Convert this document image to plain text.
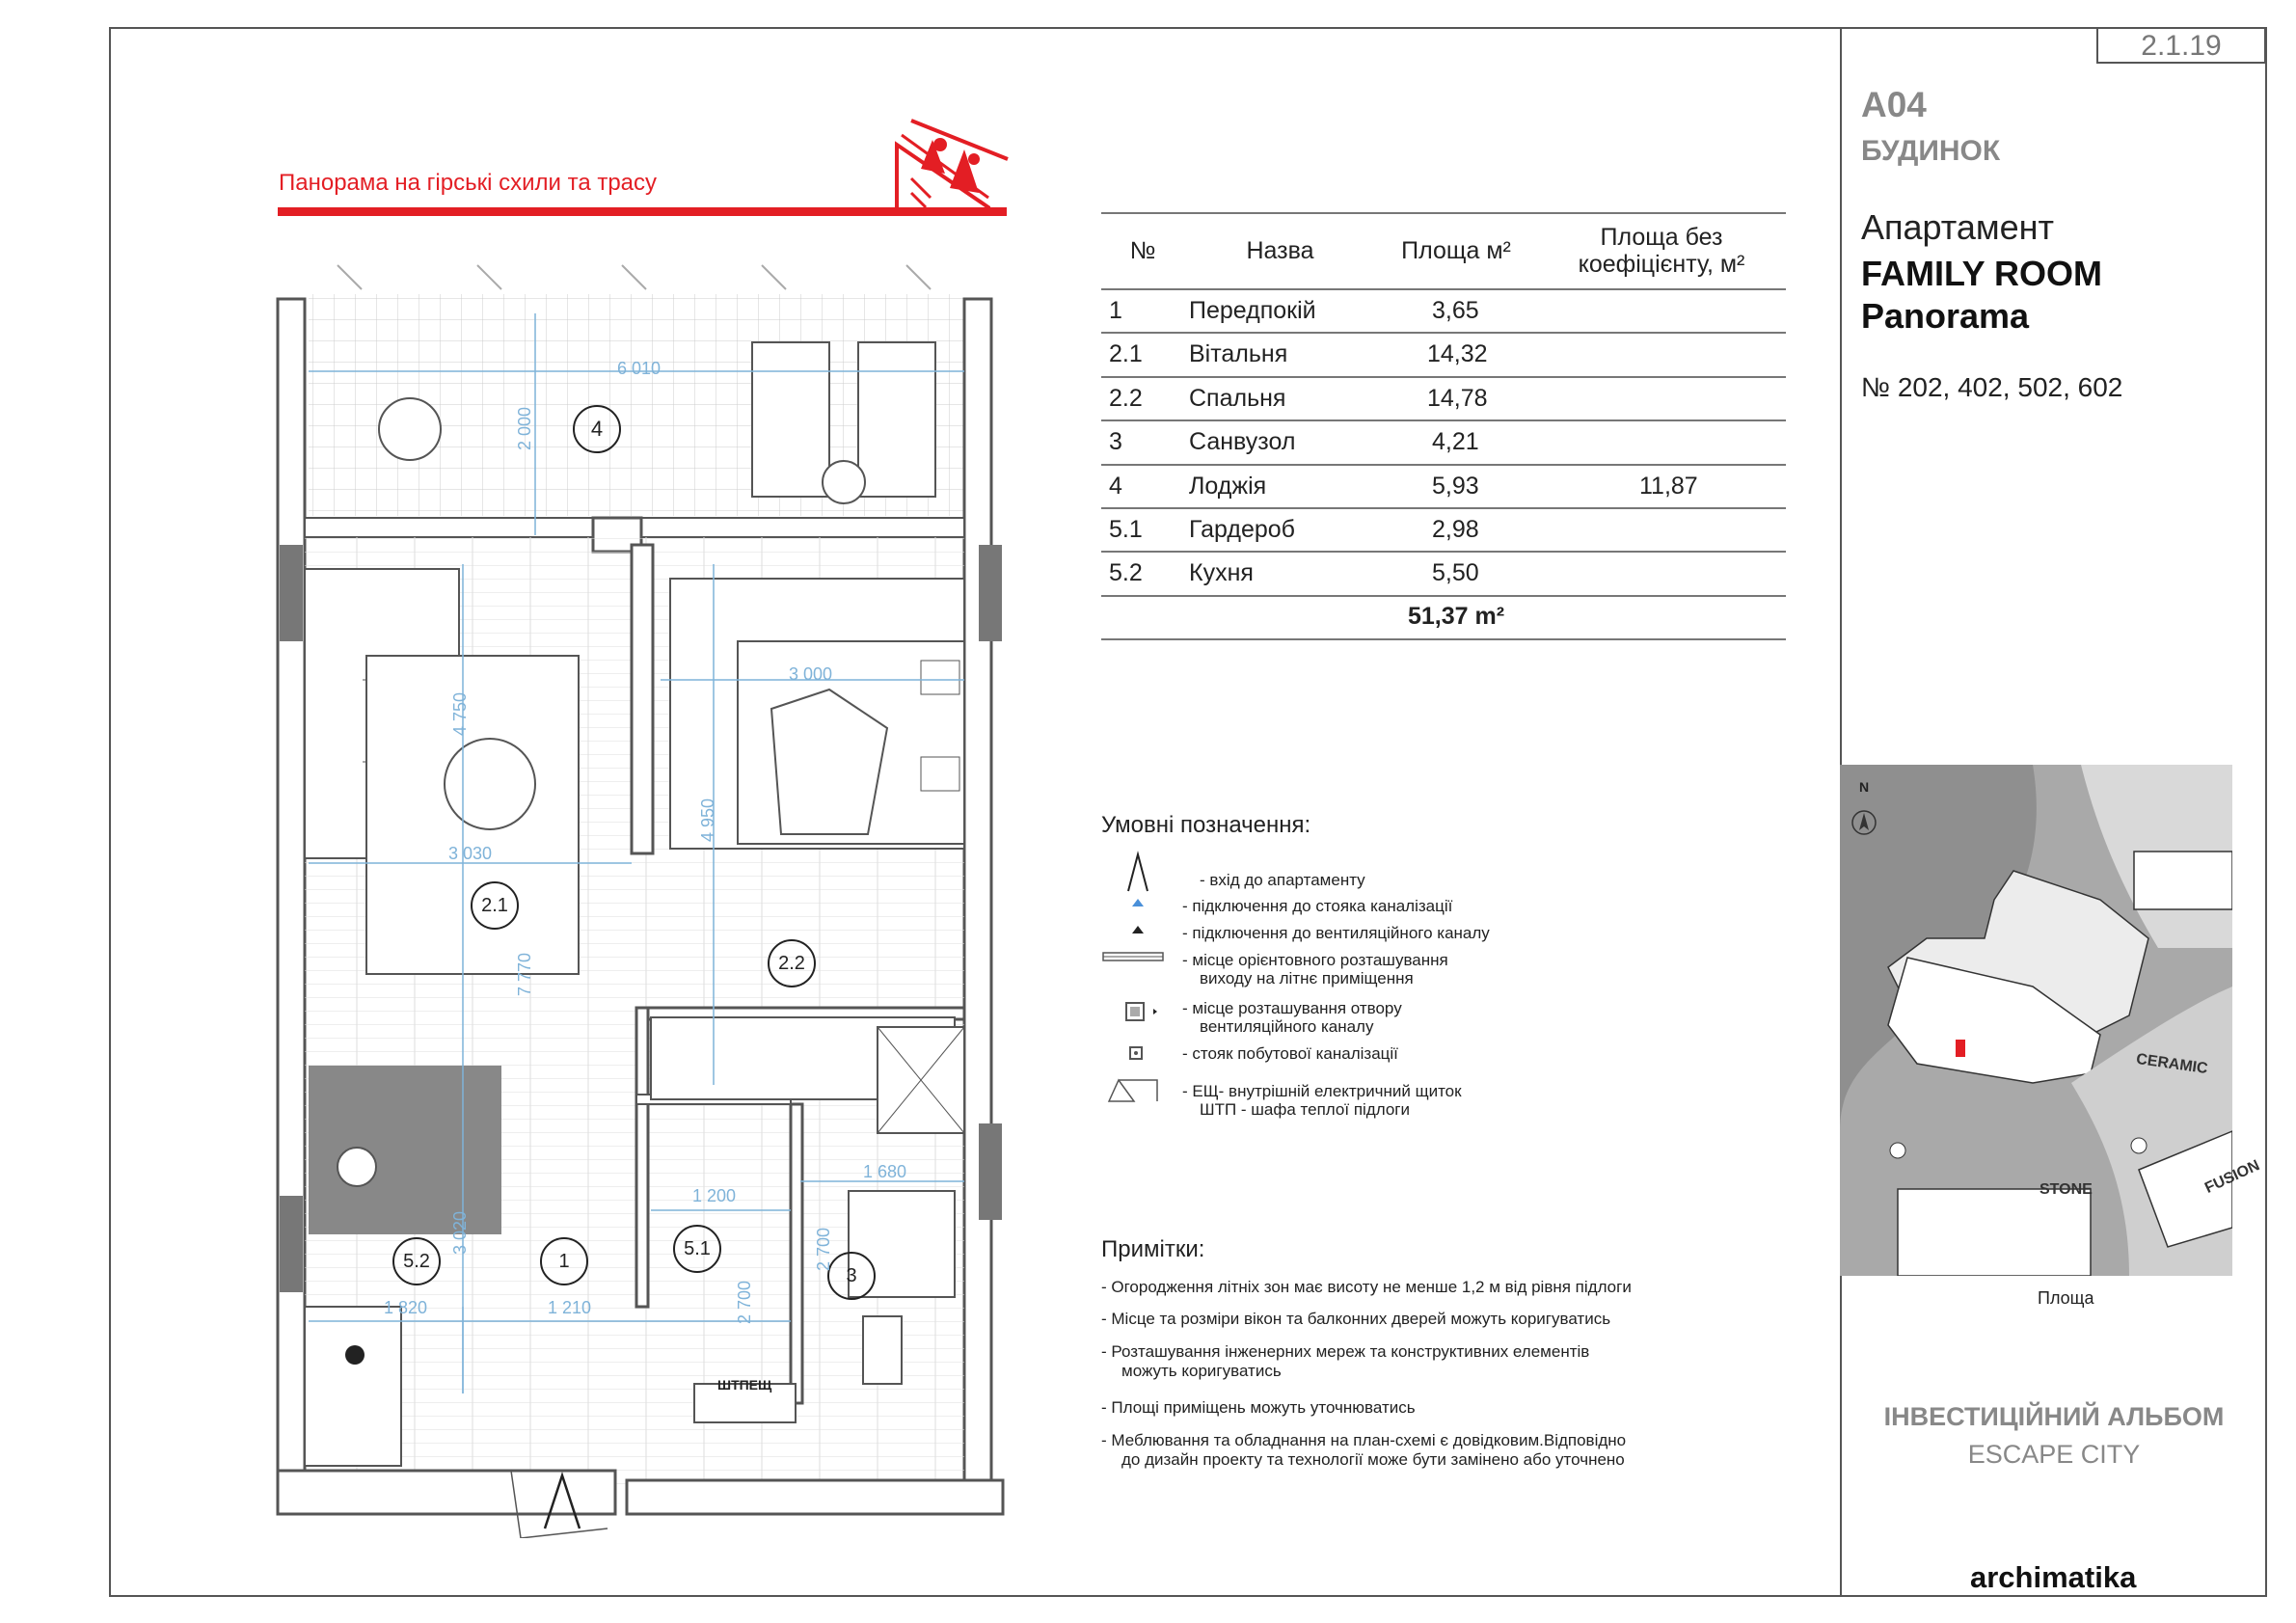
2.1.19
A04
БУДИНОК
Апартамент
FAMILY ROOM
Panorama
№ 202, 402, 502, 602
Панорама на гірські схили та трасу
№	Назва	Площа м²	Площа без коефіцієнту, м²
1	Передпокій	3,65
2.1 Вітальня	14,32
2.2 Спальня	14,78
3	Санвузол	4,21
4	Лоджія	5,93	11,87
5.1 Гардероб	2,98
5.2 Кухня	5,50
51,37 m²
Умовні позначення:
- вхід до апартаменту
- підключення до стояка каналізації
- підключення до вентиляційного каналу
- місце орієнтовного розташування
виходу на літнє приміщення
- місце розташування отвору
вентиляційного каналу
- стояк побутової каналізації
- ЕЩ- внутрішній електричний щиток
ШТП - шафа теплої підлоги
Примітки:
- Огородження літніх зон має висоту не менше 1,2 м від рівня підлоги
- Місце та розміри вікон та балконних дверей можуть коригуватись
- Розташування інженерних мереж та конструктивних елементів
можуть коригуватись
- Площі приміщень можуть уточнюватись
- Меблювання та обладнання на план-схемі є довідковим.Відповідно
до дизайн проекту та технології може бути замінено або уточнено
N
CERAMIC
STONE	FUSION
Площа
ІНВЕСТИЦІЙНИЙ АЛЬБОМ
ESCAPE CITY
archimatika
4
2.1
2.2
5.2	1
5.1
3
6 010
2 000
4 750
3 030
3 000
4 950
7 770
1 200
1 680
3 020	2 700
2 700
1 820	1 210
ШТПЕЩ
